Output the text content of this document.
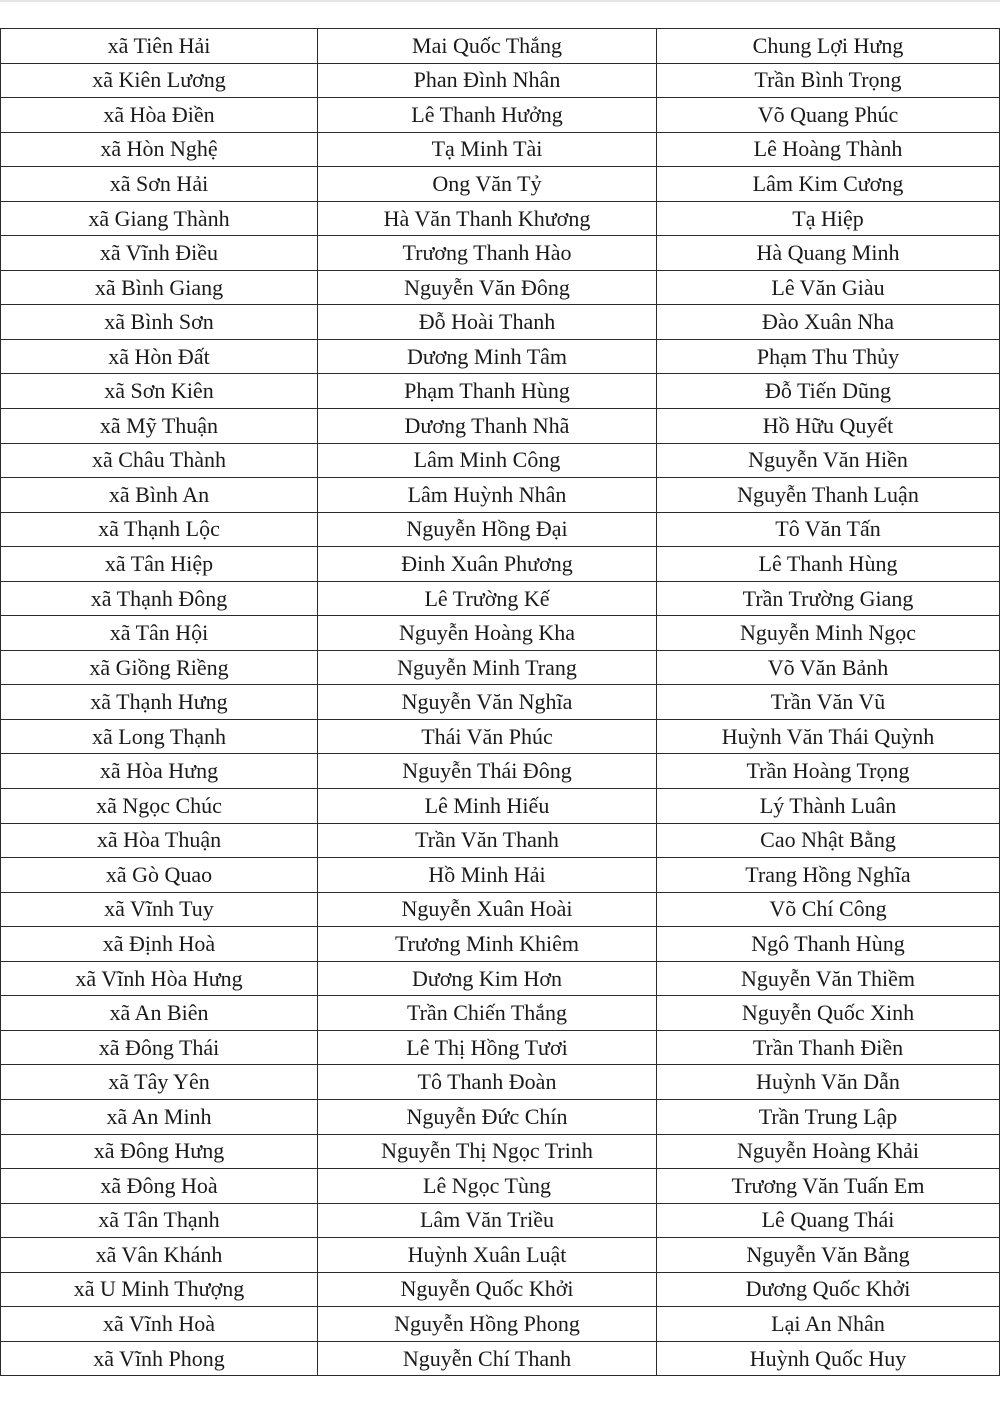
xã Tiên Hải	Mai Quốc Thắng	Chung Lợi Hưng
xã Kiên Lương	Phan Đình Nhân	Trần Bình Trọng
xã Hòa Điền	Lê Thanh Hưởng	Võ Quang Phúc
xã Hòn Nghệ	Tạ Minh Tài	Lê Hoàng Thành
xã Sơn Hải	Ong Văn Tỷ	Lâm Kim Cương
xã Giang Thành	Hà Văn Thanh Khương	Tạ Hiệp
xã Vĩnh Điều	Trương Thanh Hào	Hà Quang Minh
xã Bình Giang	Nguyễn Văn Đông	Lê Văn Giàu
xã Bình Sơn	Đỗ Hoài Thanh	Đào Xuân Nha
xã Hòn Đất	Dương Minh Tâm	Phạm Thu Thủy
xã Sơn Kiên	Phạm Thanh Hùng	Đỗ Tiến Dũng
xã Mỹ Thuận	Dương Thanh Nhã	Hồ Hữu Quyết
xã Châu Thành	Lâm Minh Công	Nguyễn Văn Hiền
xã Bình An	Lâm Huỳnh Nhân	Nguyễn Thanh Luận
xã Thạnh Lộc	Nguyễn Hồng Đại	Tô Văn Tấn
xã Tân Hiệp	Đinh Xuân Phương	Lê Thanh Hùng
xã Thạnh Đông	Lê Trường Kế	Trần Trường Giang
xã Tân Hội	Nguyễn Hoàng Kha	Nguyễn Minh Ngọc
xã Giồng Riềng	Nguyễn Minh Trang	Võ Văn Bảnh
xã Thạnh Hưng	Nguyễn Văn Nghĩa	Trần Văn Vũ
xã Long Thạnh	Thái Văn Phúc	Huỳnh Văn Thái Quỳnh
xã Hòa Hưng	Nguyễn Thái Đông	Trần Hoàng Trọng
xã Ngọc Chúc	Lê Minh Hiếu	Lý Thành Luân
xã Hòa Thuận	Trần Văn Thanh	Cao Nhật Bằng
xã Gò Quao	Hồ Minh Hải	Trang Hồng Nghĩa
xã Vĩnh Tuy	Nguyễn Xuân Hoài	Võ Chí Công
xã Định Hoà	Trương Minh Khiêm	Ngô Thanh Hùng
xã Vĩnh Hòa Hưng	Dương Kim Hơn	Nguyễn Văn Thiềm
xã An Biên	Trần Chiến Thắng	Nguyễn Quốc Xinh
xã Đông Thái	Lê Thị Hồng Tươi	Trần Thanh Điền
xã Tây Yên	Tô Thanh Đoàn	Huỳnh Văn Dẫn
xã An Minh	Nguyễn Đức Chín	Trần Trung Lập
xã Đông Hưng	Nguyễn Thị Ngọc Trinh	Nguyễn Hoàng Khải
xã Đông Hoà	Lê Ngọc Tùng	Trương Văn Tuấn Em
xã Tân Thạnh	Lâm Văn Triều	Lê Quang Thái
xã Vân Khánh	Huỳnh Xuân Luật	Nguyễn Văn Bằng
xã U Minh Thượng	Nguyễn Quốc Khởi	Dương Quốc Khởi
xã Vĩnh Hoà	Nguyễn Hồng Phong	Lại An Nhân
xã Vĩnh Phong	Nguyễn Chí Thanh	Huỳnh Quốc Huy
